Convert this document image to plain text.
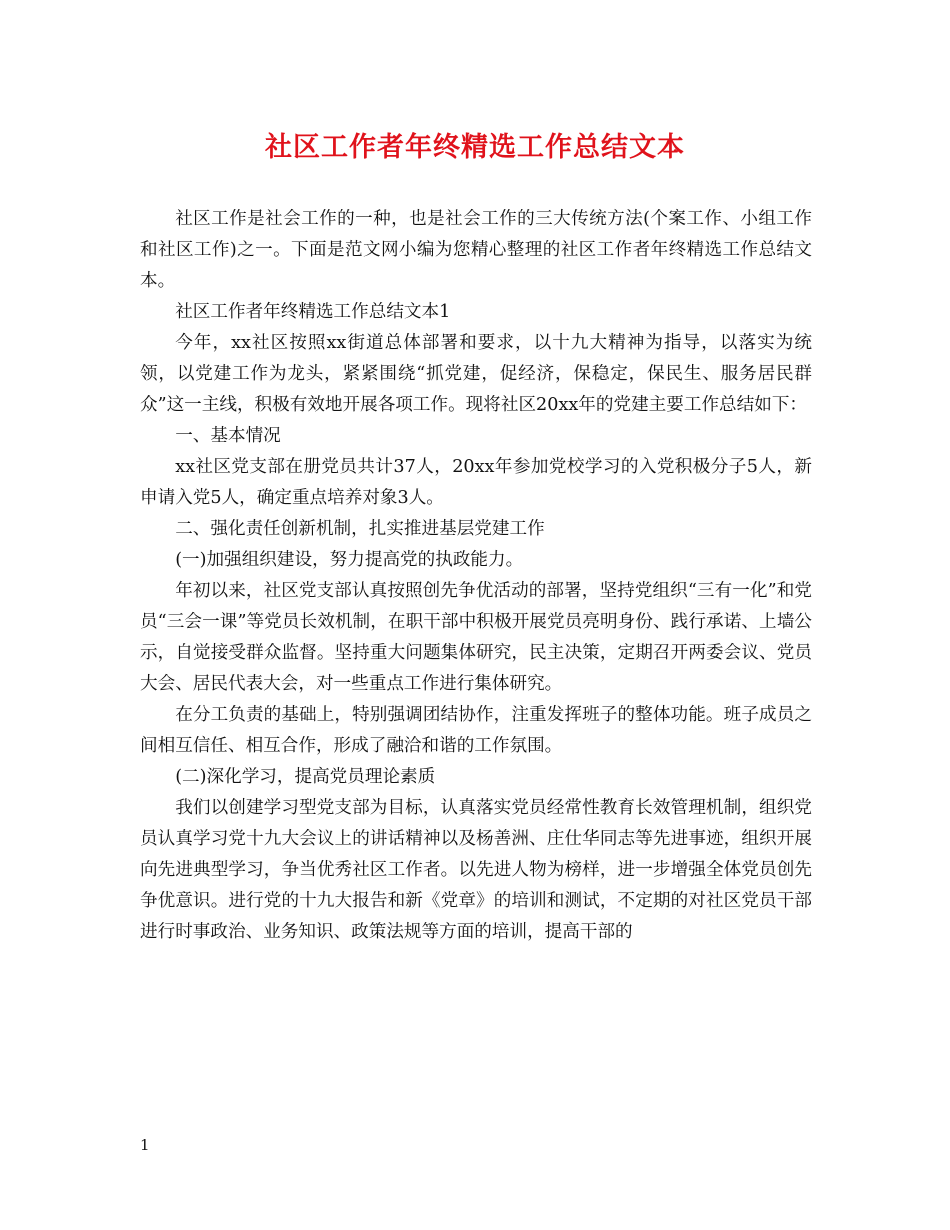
社区工作者年终精选工作总结文本

社区工作是社会工作的一种，也是社会工作的三大传统方法(个案工作、小组工作和社区工作)之一。下面是范文网小编为您精心整理的社区工作者年终精选工作总结文本。

社区工作者年终精选工作总结文本1

今年，xx社区按照xx街道总体部署和要求，以十九大精神为指导，以落实为统领，以党建工作为龙头，紧紧围绕“抓党建，促经济，保稳定，保民生、服务居民群众”这一主线，积极有效地开展各项工作。现将社区20xx年的党建主要工作总结如下：

一、基本情况

xx社区党支部在册党员共计37人，20xx年参加党校学习的入党积极分子5人，新申请入党5人，确定重点培养对象3人。

二、强化责任创新机制，扎实推进基层党建工作

(一)加强组织建设，努力提高党的执政能力。

年初以来，社区党支部认真按照创先争优活动的部署，坚持党组织“三有一化”和党员“三会一课”等党员长效机制，在职干部中积极开展党员亮明身份、践行承诺、上墙公示，自觉接受群众监督。坚持重大问题集体研究，民主决策，定期召开两委会议、党员大会、居民代表大会，对一些重点工作进行集体研究。

在分工负责的基础上，特别强调团结协作，注重发挥班子的整体功能。班子成员之间相互信任、相互合作，形成了融洽和谐的工作氛围。

(二)深化学习，提高党员理论素质

我们以创建学习型党支部为目标，认真落实党员经常性教育长效管理机制，组织党员认真学习党十九大会议上的讲话精神以及杨善洲、庄仕华同志等先进事迹，组织开展向先进典型学习，争当优秀社区工作者。以先进人物为榜样，进一步增强全体党员创先争优意识。进行党的十九大报告和新《党章》的培训和测试，不定期的对社区党员干部进行时事政治、业务知识、政策法规等方面的培训，提高干部的

1
